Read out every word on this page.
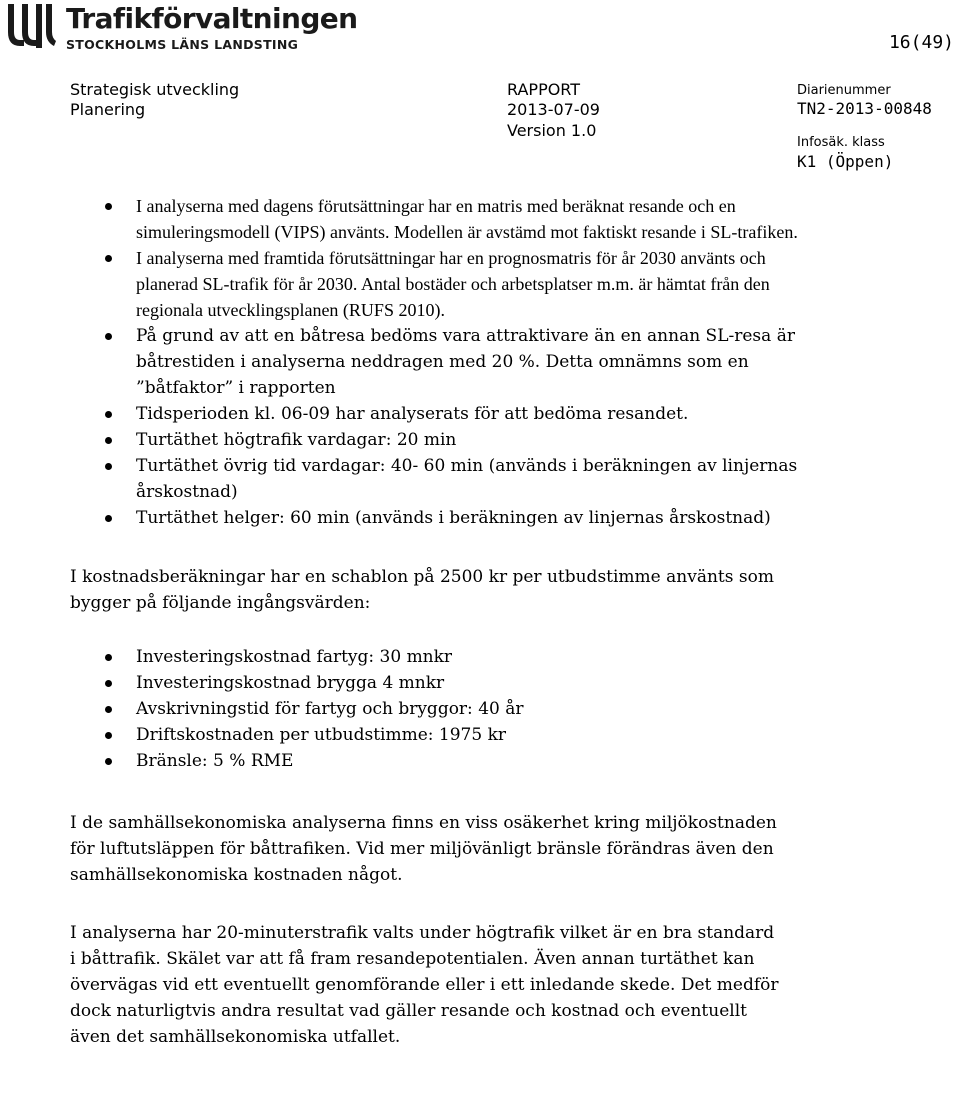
Trafikförvaltningen
STOCKHOLMS LÄNS LANDSTING	16(49)
Strategisk utveckling
Planering
RAPPORT
2013-07-09
Version 1.0
Diarienummer
TN2-2013-00848
Infosäk. klass
K1 (Öppen)
I analyserna med dagens förutsättningar har en matris med beräknat resande och en simuleringsmodell (VIPS) använts. Modellen är avstämd mot faktiskt resande i SL-trafiken.
I analyserna med framtida förutsättningar har en prognosmatris för år 2030 använts och planerad SL-trafik för år 2030. Antal bostäder och arbetsplatser m.m. är hämtat från den regionala utvecklingsplanen (RUFS 2010).
På grund av att en båtresa bedöms vara attraktivare än en annan SL-resa är båtrestiden i analyserna neddragen med 20 %. Detta omnämns som en ”båtfaktor” i rapporten
Tidsperioden kl. 06-09 har analyserats för att bedöma resandet.
Turtäthet högtrafik vardagar: 20 min
Turtäthet övrig tid vardagar: 40- 60 min (används i beräkningen av linjernas årskostnad)
Turtäthet helger: 60 min (används i beräkningen av linjernas årskostnad)

I kostnadsberäkningar har en schablon på 2500 kr per utbudstimme använts som bygger på följande ingångsvärden:

Investeringskostnad fartyg: 30 mnkr
Investeringskostnad brygga 4 mnkr
Avskrivningstid för fartyg och bryggor: 40 år
Driftskostnaden per utbudstimme: 1975 kr
Bränsle: 5 % RME

I de samhällsekonomiska analyserna finns en viss osäkerhet kring miljökostnaden för luftutsläppen för båttrafiken. Vid mer miljövänligt bränsle förändras även den samhällsekonomiska kostnaden något.

I analyserna har 20-minuterstrafik valts under högtrafik vilket är en bra standard i båttrafik. Skälet var att få fram resandepotentialen. Även annan turtäthet kan övervägas vid ett eventuellt genomförande eller i ett inledande skede. Det medför dock naturligtvis andra resultat vad gäller resande och kostnad och eventuellt även det samhällsekonomiska utfallet.
